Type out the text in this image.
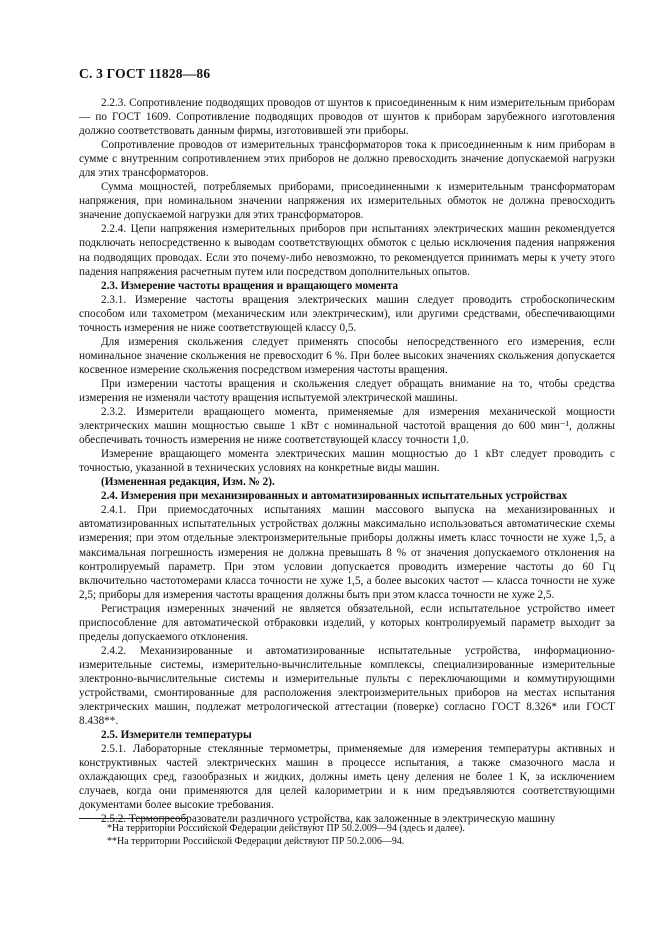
С. 3 ГОСТ 11828—86

2.2.3. Сопротивление подводящих проводов от шунтов к присоединенным к ним измерительным приборам — по ГОСТ 1609. Сопротивление подводящих проводов от шунтов к приборам зарубежного изготовления должно соответствовать данным фирмы, изготовившей эти приборы.

Сопротивление проводов от измерительных трансформаторов тока к присоединенным к ним приборам в сумме с внутренним сопротивлением этих приборов не должно превосходить значение допускаемой нагрузки для этих трансформаторов.

Сумма мощностей, потребляемых приборами, присоединенными к измерительным трансформаторам напряжения, при номинальном значении напряжения их измерительных обмоток не должна превосходить значение допускаемой нагрузки для этих трансформаторов.

2.2.4. Цепи напряжения измерительных приборов при испытаниях электрических машин рекомендуется подключать непосредственно к выводам соответствующих обмоток с целью исключения падения напряжения на подводящих проводах. Если это почему-либо невозможно, то рекомендуется принимать меры к учету этого падения напряжения расчетным путем или посредством дополнительных опытов.

2.3. Измерение частоты вращения и вращающего момента

2.3.1. Измерение частоты вращения электрических машин следует проводить стробоскопическим способом или тахометром (механическим или электрическим), или другими средствами, обеспечивающими точность измерения не ниже соответствующей классу 0,5.

Для измерения скольжения следует применять способы непосредственного его измерения, если номинальное значение скольжения не превосходит 6 %. При более высоких значениях скольжения допускается косвенное измерение скольжения посредством измерения частоты вращения.

При измерении частоты вращения и скольжения следует обращать внимание на то, чтобы средства измерения не изменяли частоту вращения испытуемой электрической машины.

2.3.2. Измерители вращающего момента, применяемые для измерения механической мощности электрических машин мощностью свыше 1 кВт с номинальной частотой вращения до 600 мин⁻¹, должны обеспечивать точность измерения не ниже соответствующей классу точности 1,0.

Измерение вращающего момента электрических машин мощностью до 1 кВт следует проводить с точностью, указанной в технических условиях на конкретные виды машин.

(Измененная редакция, Изм. № 2).

2.4. Измерения при механизированных и автоматизированных испытательных устройствах

2.4.1. При приемосдаточных испытаниях машин массового выпуска на механизированных и автоматизированных испытательных устройствах должны максимально использоваться автоматические схемы измерения; при этом отдельные электроизмерительные приборы должны иметь класс точности не хуже 1,5, а максимальная погрешность измерения не должна превышать 8 % от значения допускаемого отклонения на контролируемый параметр. При этом условии допускается проводить измерение частоты до 60 Гц включительно частотомерами класса точности не хуже 1,5, а более высоких частот — класса точности не хуже 2,5; приборы для измерения частоты вращения должны быть при этом класса точности не хуже 2,5.

Регистрация измеренных значений не является обязательной, если испытательное устройство имеет приспособление для автоматической отбраковки изделий, у которых контролируемый параметр выходит за пределы допускаемого отклонения.

2.4.2. Механизированные и автоматизированные испытательные устройства, информационно-измерительные системы, измерительно-вычислительные комплексы, специализированные измерительные электронно-вычислительные системы и измерительные пульты с переключающими и коммутирующими устройствами, смонтированные для расположения электроизмерительных приборов на местах испытания электрических машин, подлежат метрологической аттестации (поверке) согласно ГОСТ 8.326* или ГОСТ 8.438**.

2.5. Измерители температуры

2.5.1. Лабораторные стеклянные термометры, применяемые для измерения температуры активных и конструктивных частей электрических машин в процессе испытания, а также смазочного масла и охлаждающих сред, газообразных и жидких, должны иметь цену деления не более 1 К, за исключением случаев, когда они применяются для целей калориметрии и к ним предъявляются соответствующими документами более высокие требования.

2.5.2. Термопреобразователи различного устройства, как заложенные в электрическую машину

*На территории Российской Федерации действуют ПР 50.2.009—94 (здесь и далее).

**На территории Российской Федерации действуют ПР 50.2.006—94.
